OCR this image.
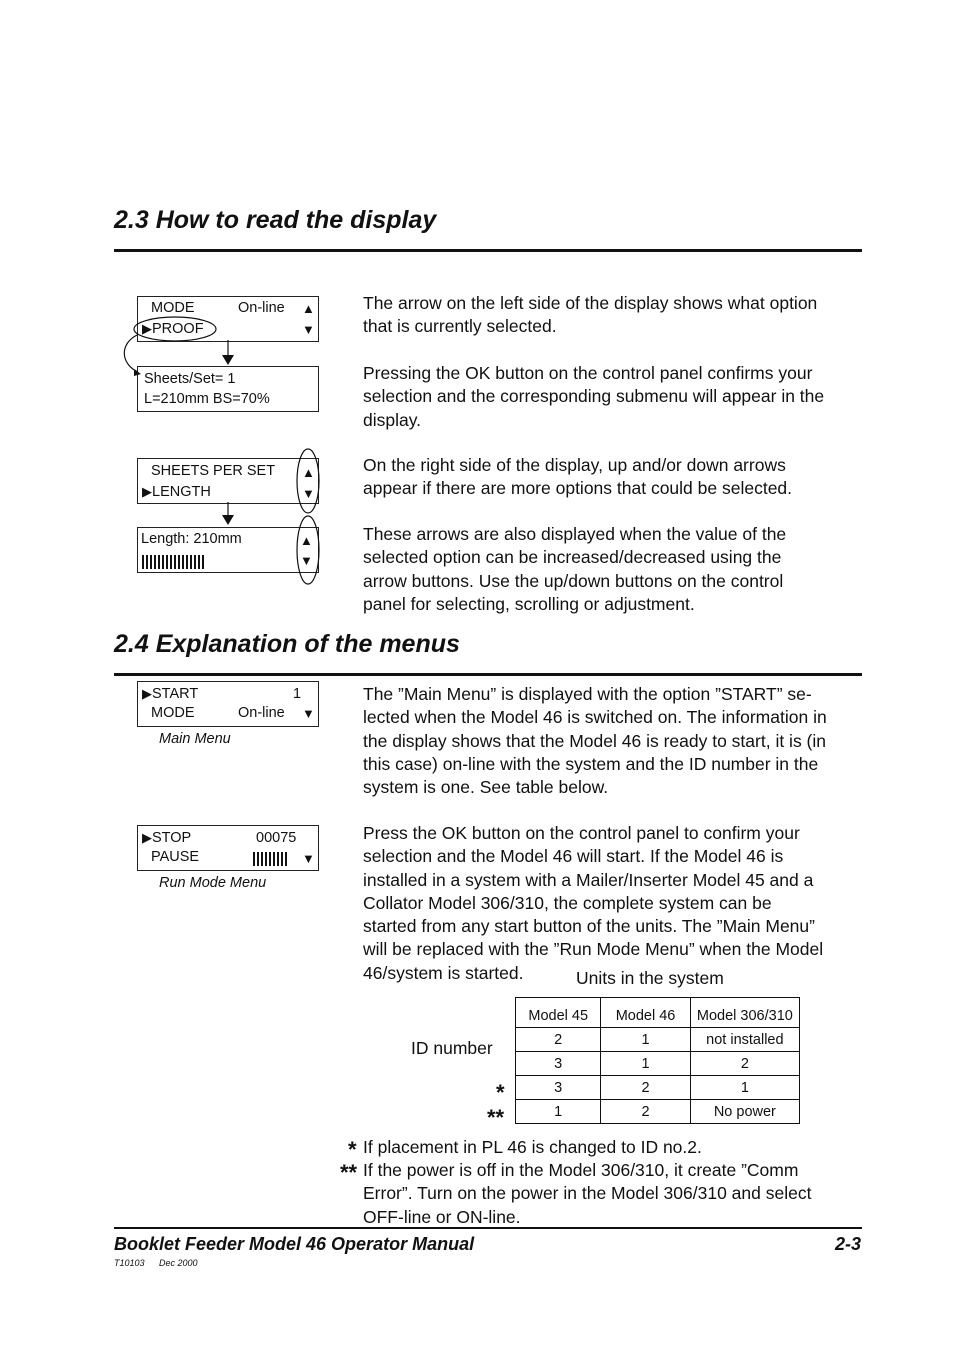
2.3 How to read the display
MODE	On-line ▲
▶PROOF	▼
Sheets/Set= 1
L=210mm BS=70%
SHEETS PER SET
▶LENGTH
▲
▼
Length: 210mm	▲
▼
The arrow on the left side of the display shows what option
that is currently selected.
Pressing the OK button on the control panel confirms your
selection and the corresponding submenu will appear in the
display.
On the right side of the display, up and/or down arrows
appear if there are more options that could be selected.
These arrows are also displayed when the value of the
selected option can be increased/decreased using the
arrow buttons. Use the up/down buttons on the control
panel for selecting, scrolling or adjustment.
2.4 Explanation of the menus
▶START	1
MODE	On-line ▼
Main Menu
▶STOP	00075
PAUSE	▼
Run Mode Menu
The ”Main Menu” is displayed with the option ”START” se-
lected when the Model 46 is switched on. The information in
the display shows that the Model 46 is ready to start, it is (in
this case) on-line with the system and the ID number in the
system is one. See table below.
Press the OK button on the control panel to confirm your
selection and the Model 46 will start. If the Model 46 is
installed in a system with a Mailer/Inserter Model 45 and a
Collator Model 306/310, the complete system can be
started from any start button of the units. The ”Main Menu”
will be replaced with the ”Run Mode Menu” when the Model
46/system is started.	Units in the system
ID number
*
**
Model 45	Model 46	Model 306/310
2	1	not installed
3	1	2
3	2	1
1	2	No power
* If placement in PL 46 is changed to ID no.2.
** If the power is off in the Model 306/310, it create ”Comm
Error”. Turn on the power in the Model 306/310 and select
OFF-line or ON-line.
Booklet Feeder Model 46 Operator Manual	2-3
T10103 Dec 2000
